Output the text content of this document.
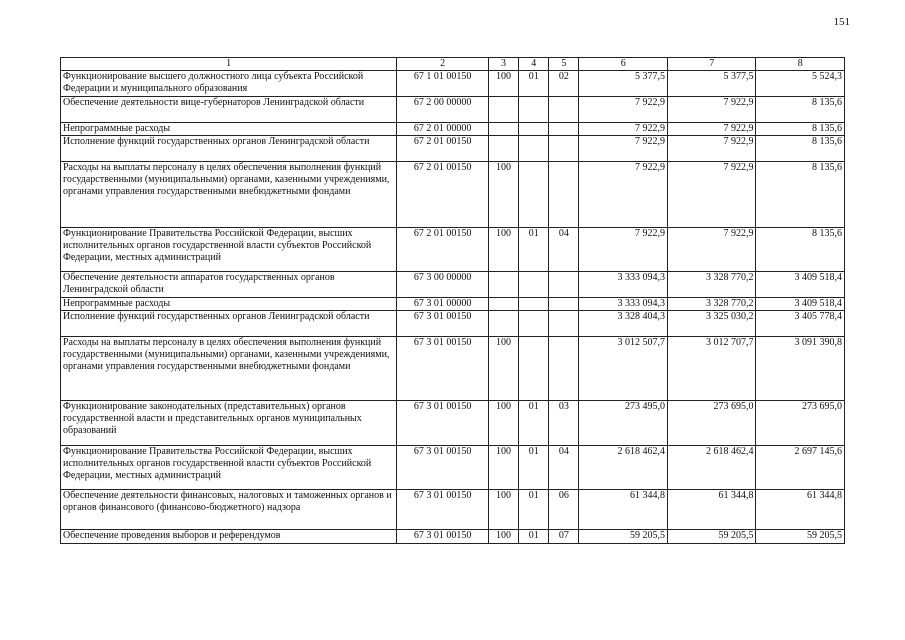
151
1	2	3	4	5	6	7	8
Функционирование высшего должностного лица субъекта Российской Федерации и муниципального образования	67 1 01 00150	100	01	02	5 377,5	5 377,5	5 524,3
Обеспечение деятельности вице-губернаторов Ленинградской области	67 2 00 00000				7 922,9	7 922,9	8 135,6
Непрограммные расходы	67 2 01 00000				7 922,9	7 922,9	8 135,6
Исполнение функций государственных органов Ленинградской области	67 2 01 00150				7 922,9	7 922,9	8 135,6
Расходы на выплаты персоналу в целях обеспечения выполнения функций государственными (муниципальными) органами, казенными учреждениями, органами управления государственными внебюджетными фондами	67 2 01 00150	100			7 922,9	7 922,9	8 135,6
Функционирование Правительства Российской Федерации, высших исполнительных органов государственной власти субъектов Российской Федерации, местных администраций	67 2 01 00150	100	01	04	7 922,9	7 922,9	8 135,6
Обеспечение деятельности аппаратов государственных органов Ленинградской области	67 3 00 00000				3 333 094,3	3 328 770,2	3 409 518,4
Непрограммные расходы	67 3 01 00000				3 333 094,3	3 328 770,2	3 409 518,4
Исполнение функций государственных органов Ленинградской области	67 3 01 00150				3 328 404,3	3 325 030,2	3 405 778,4
Расходы на выплаты персоналу в целях обеспечения выполнения функций государственными (муниципальными) органами, казенными учреждениями, органами управления государственными внебюджетными фондами	67 3 01 00150	100			3 012 507,7	3 012 707,7	3 091 390,8
Функционирование законодательных (представительных) органов государственной власти и представительных органов муниципальных образований	67 3 01 00150	100	01	03	273 495,0	273 695,0	273 695,0
Функционирование Правительства Российской Федерации, высших исполнительных органов государственной власти субъектов Российской Федерации, местных администраций	67 3 01 00150	100	01	04	2 618 462,4	2 618 462,4	2 697 145,6
Обеспечение деятельности финансовых, налоговых и таможенных органов и органов финансового (финансово-бюджетного) надзора	67 3 01 00150	100	01	06	61 344,8	61 344,8	61 344,8
Обеспечение проведения выборов и референдумов	67 3 01 00150	100	01	07	59 205,5	59 205,5	59 205,5
